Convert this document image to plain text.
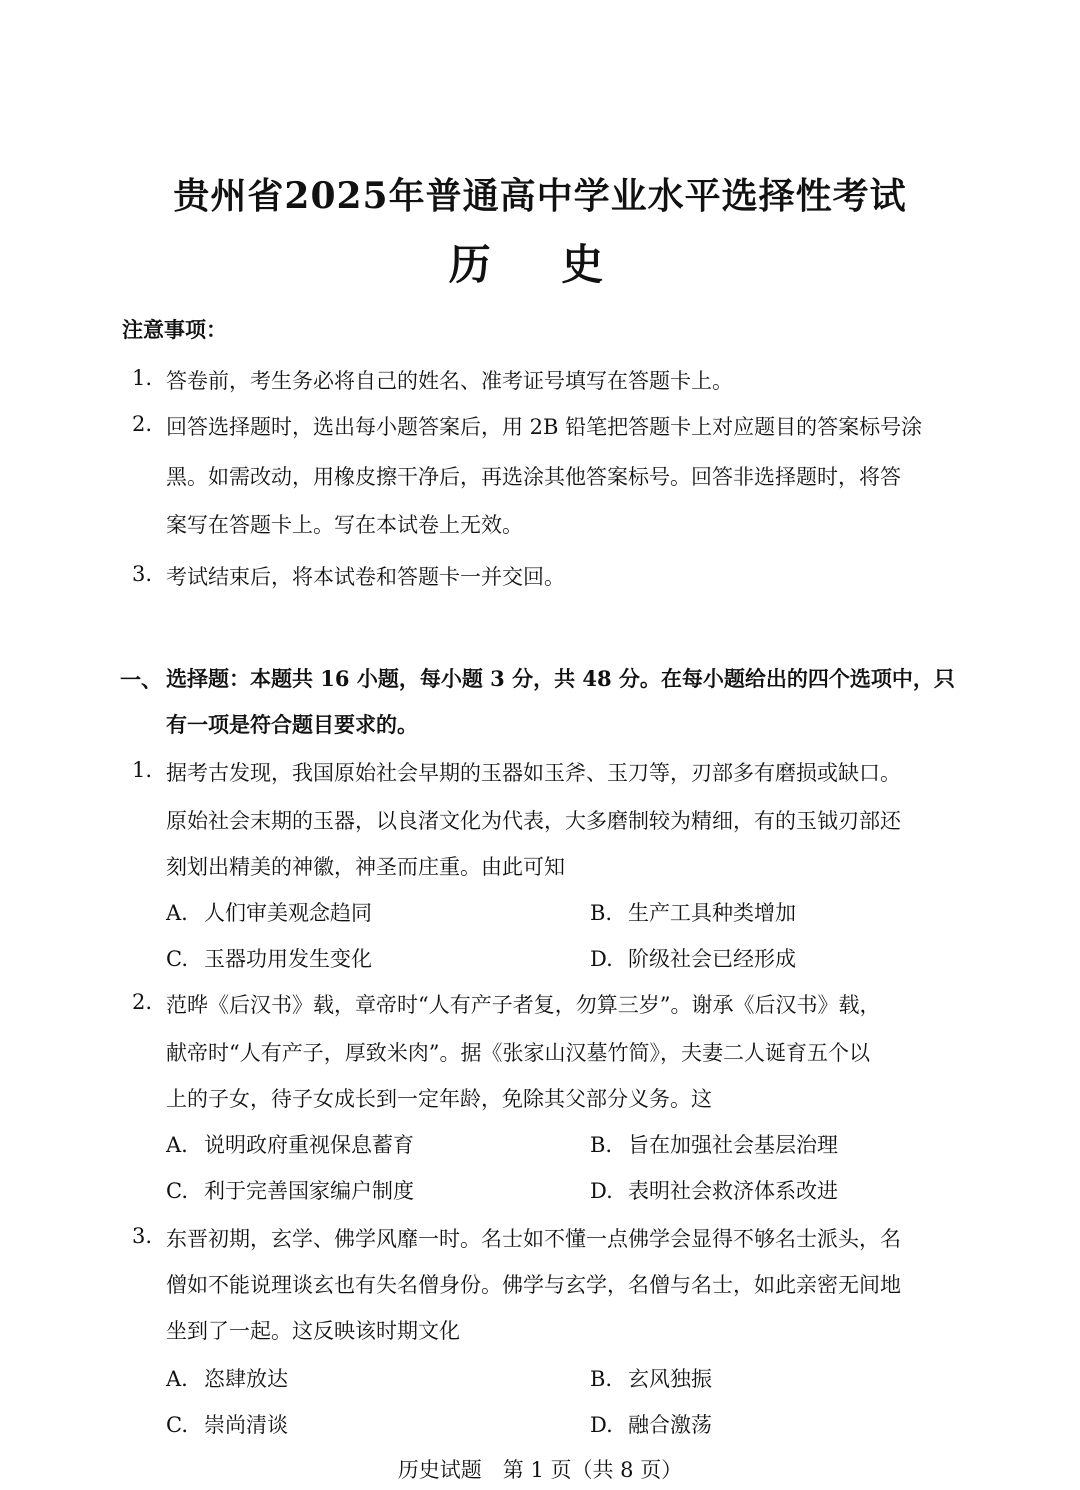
贵州省2025年普通高中学业水平选择性考试
历 史
注意事项：
1. 答卷前，考生务必将自己的姓名、准考证号填写在答题卡上。
2. 回答选择题时，选出每小题答案后，用 2B 铅笔把答题卡上对应题目的答案标号涂
黑。如需改动，用橡皮擦干净后，再选涂其他答案标号。回答非选择题时，将答
案写在答题卡上。写在本试卷上无效。
3. 考试结束后，将本试卷和答题卡一并交回。
一、 选择题：本题共 16 小题，每小题 3 分，共 48 分。在每小题给出的四个选项中，只
有一项是符合题目要求的。
1. 据考古发现，我国原始社会早期的玉器如玉斧、玉刀等，刃部多有磨损或缺口。
原始社会末期的玉器，以良渚文化为代表，大多磨制较为精细，有的玉钺刃部还
刻划出精美的神徽，神圣而庄重。由此可知
A. 人们审美观念趋同	B. 生产工具种类增加
C. 玉器功用发生变化	D. 阶级社会已经形成
2. 范晔《后汉书》载，章帝时“人有产子者复，勿算三岁”。谢承《后汉书》载，
献帝时“人有产子，厚致米肉”。据《张家山汉墓竹简》，夫妻二人诞育五个以
上的子女，待子女成长到一定年龄，免除其父部分义务。这
A. 说明政府重视保息蓄育	B. 旨在加强社会基层治理
C. 利于完善国家编户制度	D. 表明社会救济体系改进
3. 东晋初期，玄学、佛学风靡一时。名士如不懂一点佛学会显得不够名士派头，名
僧如不能说理谈玄也有失名僧身份。佛学与玄学，名僧与名士，如此亲密无间地
坐到了一起。这反映该时期文化
A. 恣肆放达	B. 玄风独振
C. 崇尚清谈	D. 融合激荡
历史试题　第 1 页（共 8 页）
